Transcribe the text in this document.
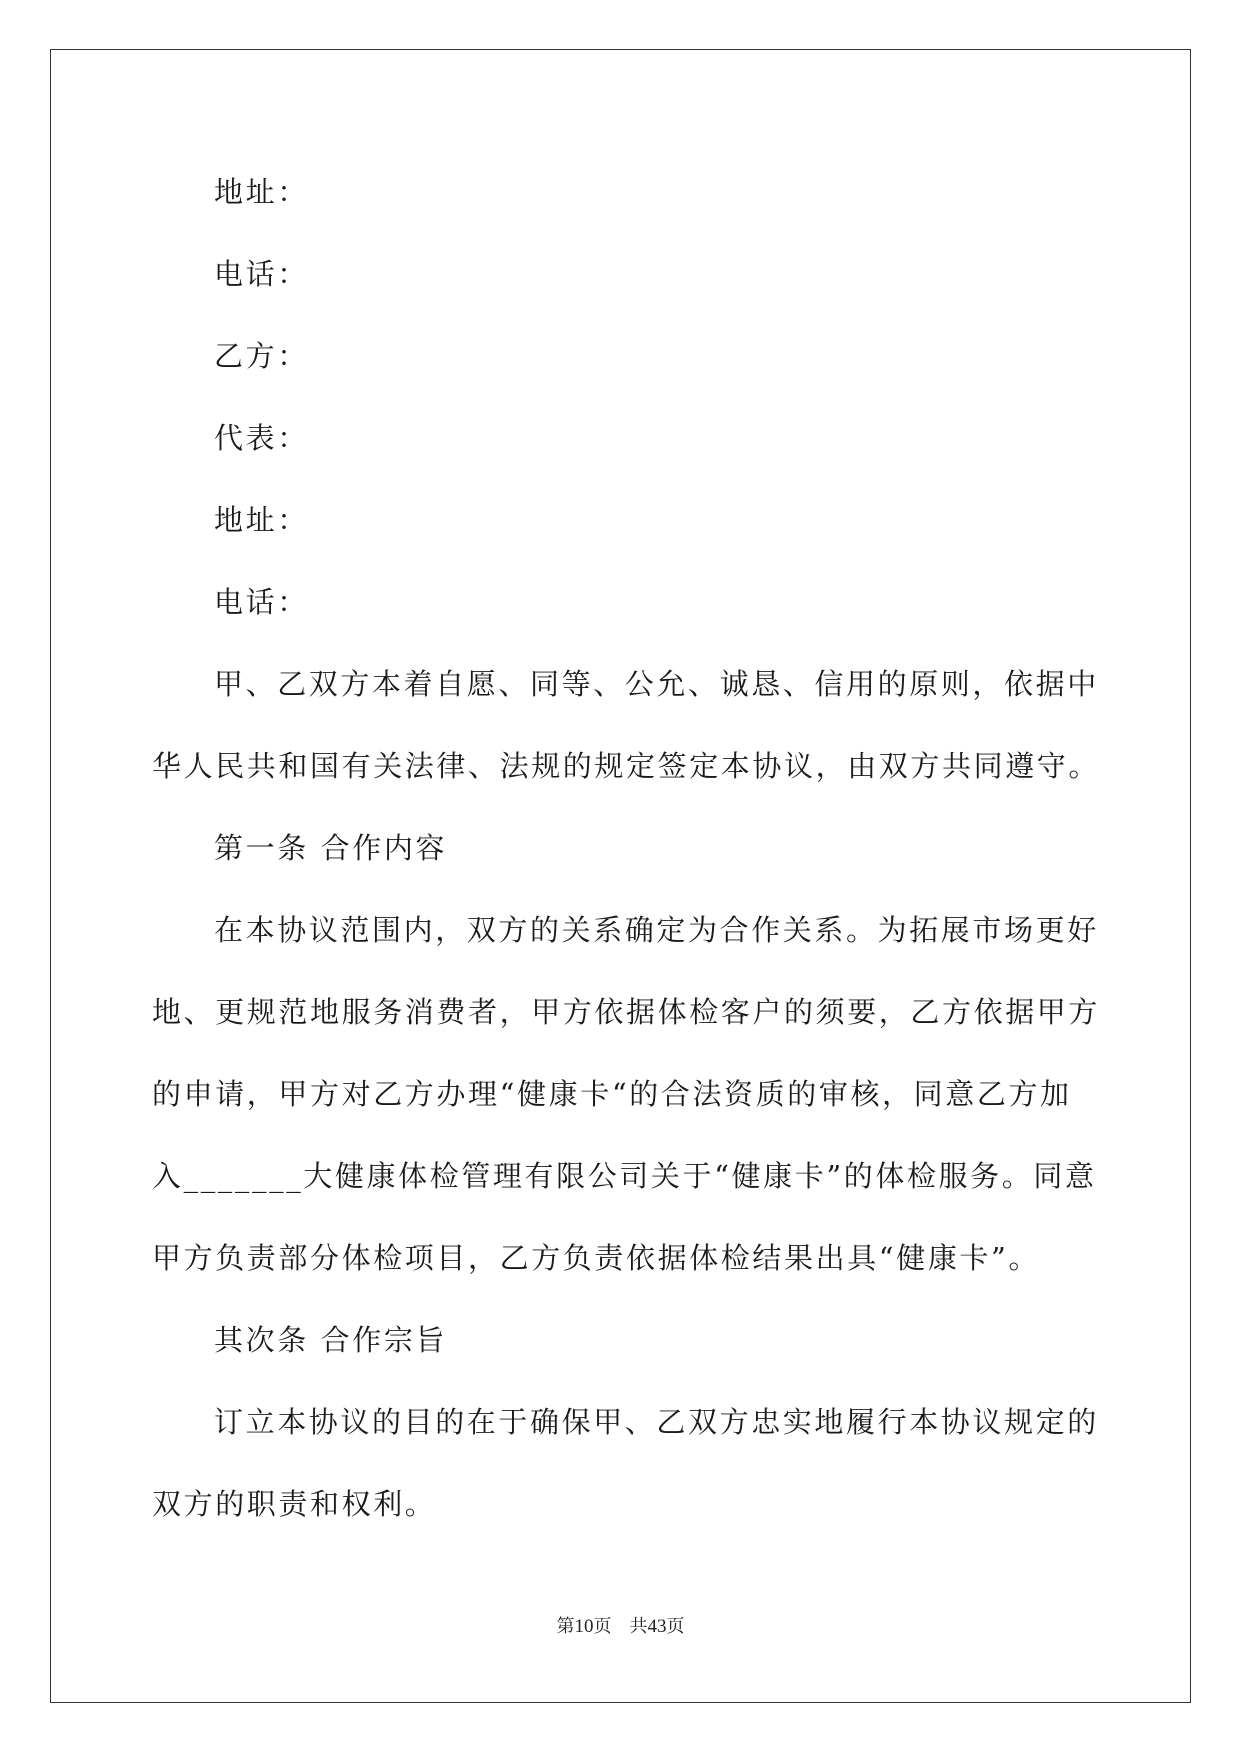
地址：
电话：
乙方：
代表：
地址：
电话：
甲、乙双方本着自愿、同等、公允、诚恳、信用的原则，依据中
华人民共和国有关法律、法规的规定签定本协议，由双方共同遵守。
第一条 合作内容
在本协议范围内，双方的关系确定为合作关系。为拓展市场更好
地、更规范地服务消费者，甲方依据体检客户的须要，乙方依据甲方
的申请，甲方对乙方办理“健康卡“的合法资质的审核，同意乙方加
入_______大健康体检管理有限公司关于“健康卡”的体检服务。同意
甲方负责部分体检项目，乙方负责依据体检结果出具“健康卡”。
其次条 合作宗旨
订立本协议的目的在于确保甲、乙双方忠实地履行本协议规定的
双方的职责和权利。
第10页 共43页
